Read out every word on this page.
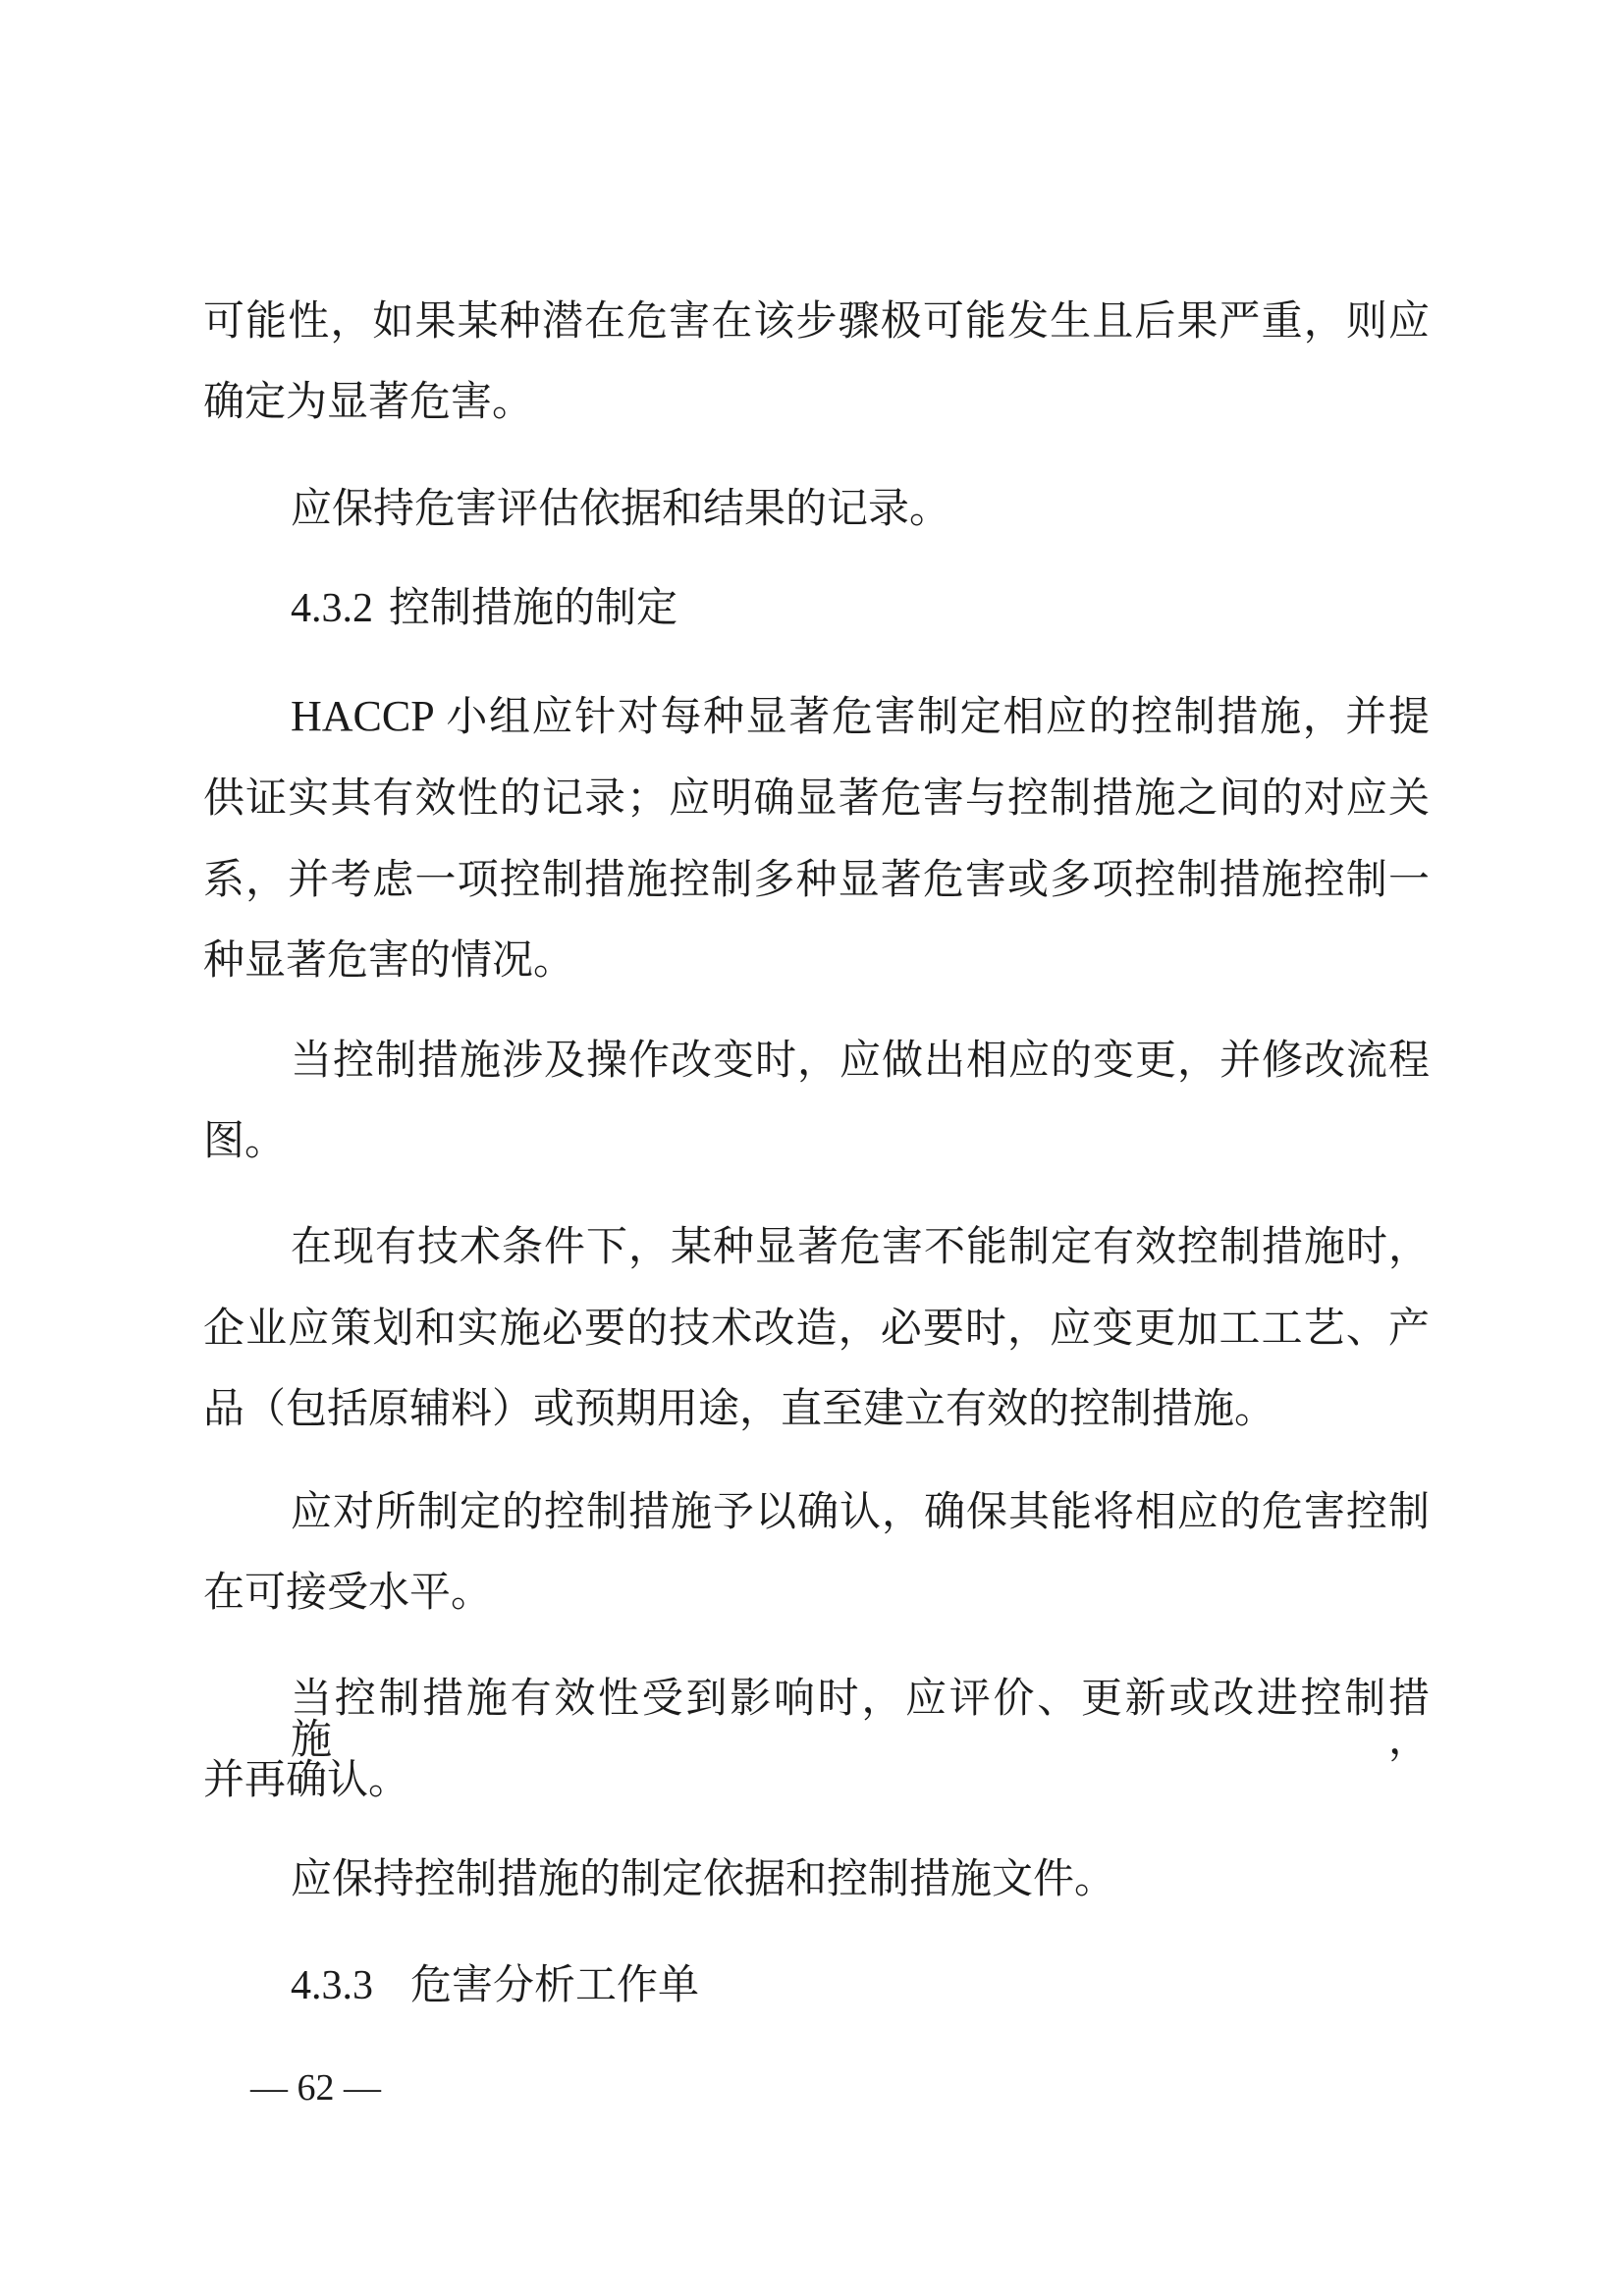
可能性，如果某种潜在危害在该步骤极可能发生且后果严重，则应
确定为显著危害。
应保持危害评估依据和结果的记录。
4.3.2 控制措施的制定
HACCP 小组应针对每种显著危害制定相应的控制措施，并提
供证实其有效性的记录；应明确显著危害与控制措施之间的对应关
系，并考虑一项控制措施控制多种显著危害或多项控制措施控制一
种显著危害的情况。
当控制措施涉及操作改变时，应做出相应的变更，并修改流程
图。
在现有技术条件下，某种显著危害不能制定有效控制措施时，
企业应策划和实施必要的技术改造，必要时，应变更加工工艺、产
品（包括原辅料）或预期用途，直至建立有效的控制措施。
应对所制定的控制措施予以确认，确保其能将相应的危害控制
在可接受水平。
当控制措施有效性受到影响时，应评价、更新或改进控制措施，
并再确认。
应保持控制措施的制定依据和控制措施文件。
4.3.3 危害分析工作单
— 62 —
